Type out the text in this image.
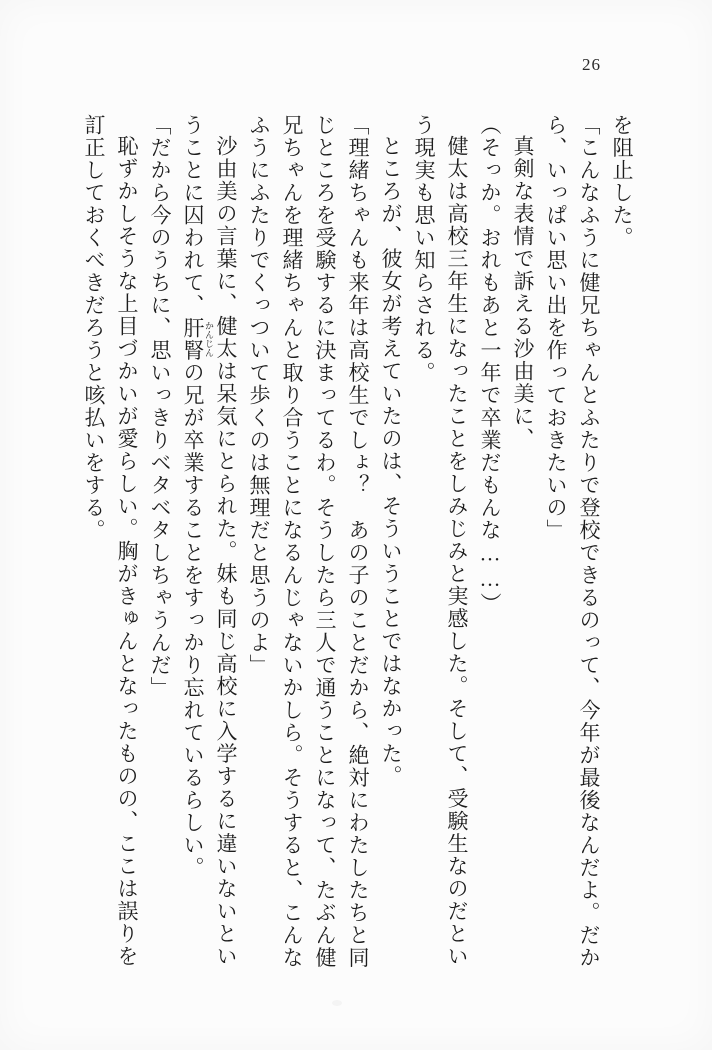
26

を阻止した。

「こんなふうに健兄ちゃんとふたりで登校できるのって、今年が最後なんだよ。だから、いっぱい思い出を作っておきたいの」

真剣な表情で訴える沙由美に、

（そっか。おれもあと一年で卒業だもんな……）

健太は高校三年生になったことをしみじみと実感した。そして、受験生なのだという現実も思い知らされる。

ところが、彼女が考えていたのは、そういうことではなかった。

「理緒ちゃんも来年は高校生でしょ？　あの子のことだから、絶対にわたしたちと同じところを受験するに決まってるわ。そうしたら三人で通うことになって、たぶん健兄ちゃんを理緒ちゃんと取り合うことになるんじゃないかしら。そうすると、こんなふうにふたりでくっついて歩くのは無理だと思うのよ」

沙由美の言葉に、健太は呆気にとられた。妹も同じ高校に入学するに違いないということに囚われて、肝腎 かんじんの兄が卒業することをすっかり忘れているらしい。

「だから今のうちに、思いっきりベタベタしちゃうんだ」

恥ずかしそうな上目づかいが愛らしい。胸がきゅんとなったものの、ここは誤りを訂正しておくべきだろうと咳払いをする。
